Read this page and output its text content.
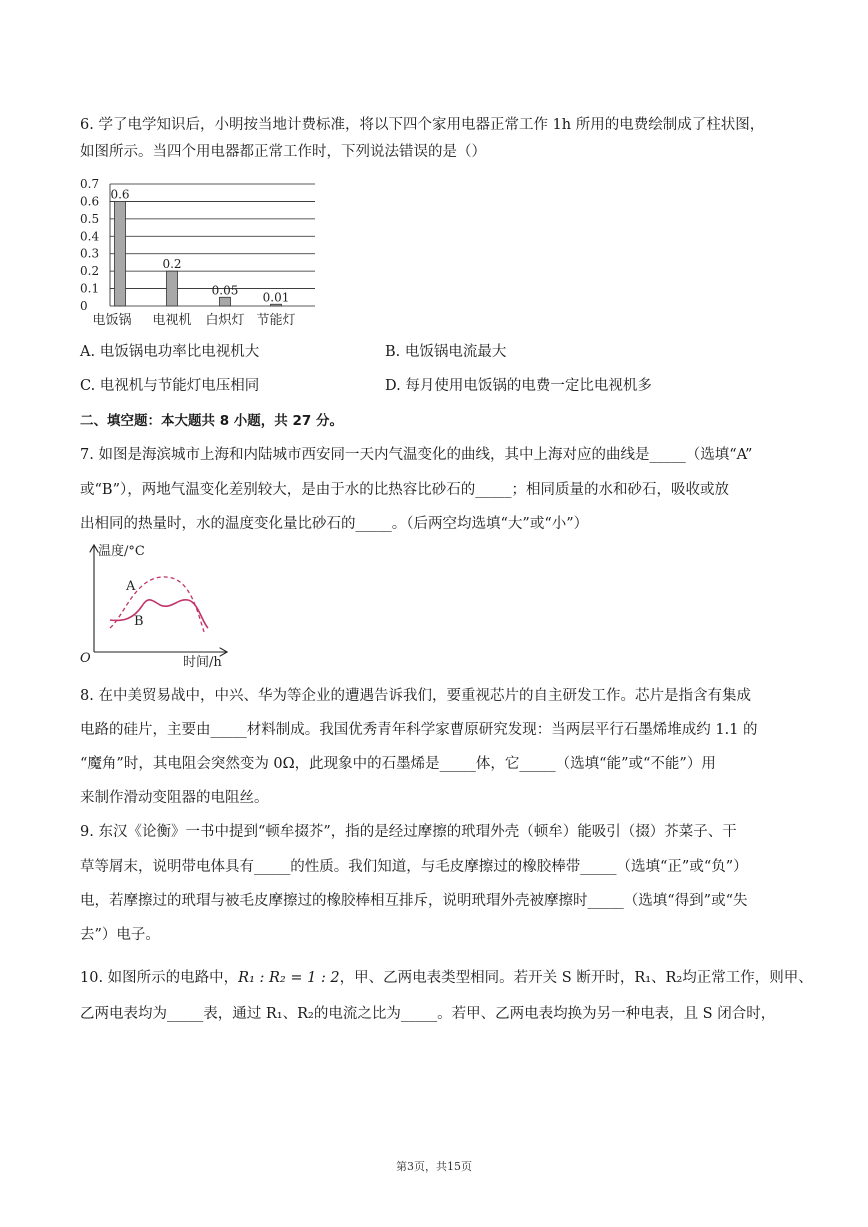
6. 学了电学知识后，小明按当地计费标准，将以下四个家用电器正常工作 1h 所用的电费绘制成了柱状图，
如图所示。当四个用电器都正常工作时，下列说法错误的是（）
0
0.1
0.2
0.3
0.4
0.5
0.6
0.7
0.6
电饭锅
0.2
电视机
0.05
白炽灯
0.01
节能灯
A. 电饭锅电功率比电视机大	B. 电饭锅电流最大
C. 电视机与节能灯电压相同	D. 每月使用电饭锅的电费一定比电视机多
二、填空题：本大题共 8 小题，共 27 分。
7. 如图是海滨城市上海和内陆城市西安同一天内气温变化的曲线，其中上海对应的曲线是_____（选填“A”
或“B”），两地气温变化差别较大，是由于水的比热容比砂石的_____；相同质量的水和砂石，吸收或放
出相同的热量时，水的温度变化量比砂石的_____。（后两空均选填“大”或“小”）
温度/°C
时间/h
O
A
B
8. 在中美贸易战中，中兴、华为等企业的遭遇告诉我们，要重视芯片的自主研发工作。芯片是指含有集成
电路的硅片，主要由_____材料制成。我国优秀青年科学家曹原研究发现：当两层平行石墨烯堆成约 1.1 的
“魔角”时，其电阻会突然变为 0Ω，此现象中的石墨烯是_____体，它_____（选填“能”或“不能”）用
来制作滑动变阻器的电阻丝。
9. 东汉《论衡》一书中提到“顿牟掇芥”，指的是经过摩擦的玳瑁外壳（顿牟）能吸引（掇）芥菜子、干
草等屑末，说明带电体具有_____的性质。我们知道，与毛皮摩擦过的橡胶棒带_____（选填“正”或“负”）
电，若摩擦过的玳瑁与被毛皮摩擦过的橡胶棒相互排斥，说明玳瑁外壳被摩擦时_____（选填“得到”或“失
去”）电子。
10. 如图所示的电路中，R₁ : R₂ = 1 : 2，甲、乙两电表类型相同。若开关 S 断开时，R₁、R₂均正常工作，则甲、
乙两电表均为_____表，通过 R₁、R₂的电流之比为_____。若甲、乙两电表均换为另一种电表，且 S 闭合时，
第3页，共15页
